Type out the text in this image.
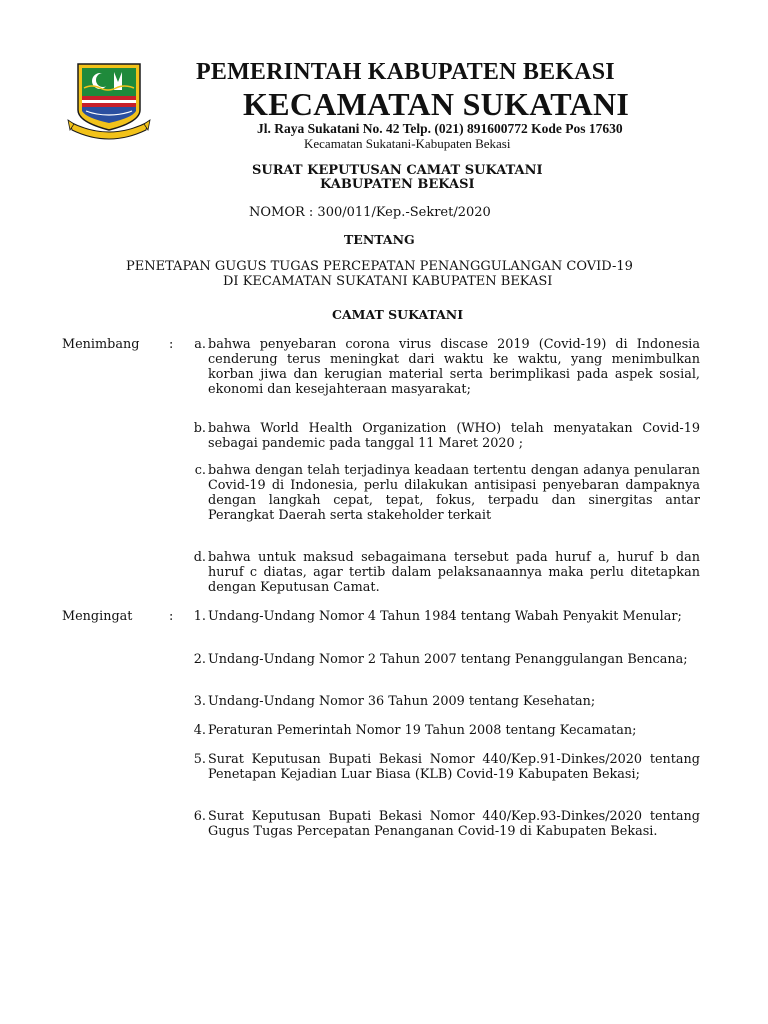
PEMERINTAH KABUPATEN BEKASI
KECAMATAN SUKATANI
Jl. Raya Sukatani No. 42 Telp. (021) 891600772 Kode Pos 17630
Kecamatan Sukatani-Kabupaten Bekasi
SURAT KEPUTUSAN CAMAT SUKATANI
KABUPATEN BEKASI
NOMOR : 300/011/Kep.-Sekret/2020
TENTANG
PENETAPAN GUGUS TUGAS PERCEPATAN PENANGGULANGAN COVID-19
DI KECAMATAN SUKATANI KABUPATEN BEKASI
CAMAT SUKATANI
Menimbang :	a. bahwa penyebaran corona virus discase 2019 (Covid-19) di Indonesia cenderung terus meningkat dari waktu ke waktu, yang menimbulkan korban jiwa dan kerugian material serta berimplikasi pada aspek sosial, ekonomi dan kesejahteraan masyarakat;
b. bahwa World Health Organization (WHO) telah menyatakan Covid-19 sebagai pandemic pada tanggal 11 Maret 2020 ;
c. bahwa dengan telah terjadinya keadaan tertentu dengan adanya penularan Covid-19 di Indonesia, perlu dilakukan antisipasi penyebaran dampaknya dengan langkah cepat, tepat, fokus, terpadu dan sinergitas antar Perangkat Daerah serta stakeholder terkait
d. bahwa untuk maksud sebagaimana tersebut pada huruf a, huruf b dan huruf c diatas, agar tertib dalam pelaksanaannya maka perlu ditetapkan dengan Keputusan Camat.
Mengingat	:	1. Undang-Undang Nomor 4 Tahun 1984 tentang Wabah Penyakit Menular;
2. Undang-Undang Nomor 2 Tahun 2007 tentang Penanggulangan Bencana;
3. Undang-Undang Nomor 36 Tahun 2009 tentang Kesehatan;
4. Peraturan Pemerintah Nomor 19 Tahun 2008 tentang Kecamatan;
5. Surat Keputusan Bupati Bekasi Nomor 440/Kep.91-Dinkes/2020 tentang Penetapan Kejadian Luar Biasa (KLB) Covid-19 Kabupaten Bekasi;
6. Surat Keputusan Bupati Bekasi Nomor 440/Kep.93-Dinkes/2020 tentang Gugus Tugas Percepatan Penanganan Covid-19 di Kabupaten Bekasi.
